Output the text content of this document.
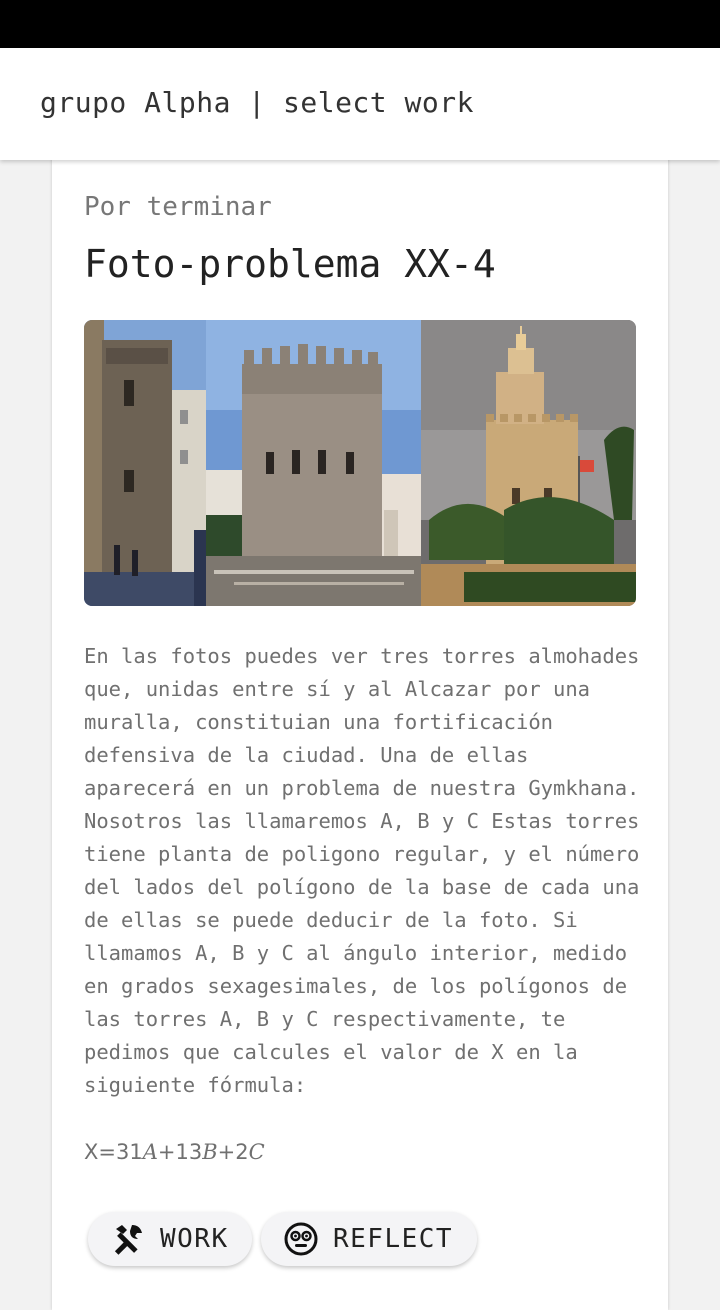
grupo Alpha | select work
Por terminar
Foto-problema XX-4

En las fotos puedes ver tres torres almohades que, unidas entre sí y al Alcazar por una muralla, constituian una fortificación defensiva de la ciudad. Una de ellas aparecerá en un problema de nuestra Gymkhana. Nosotros las llamaremos A, B y C Estas torres tiene planta de poligono regular, y el número del lados del polígono de la base de cada una de ellas se puede deducir de la foto. Si llamamos A, B y C al ángulo interior, medido en grados sexagesimales, de los polígonos de las torres A, B y C respectivamente, te pedimos que calcules el valor de X en la siguiente fórmula:

X=31A+13B+2C
WORK	REFLECT
